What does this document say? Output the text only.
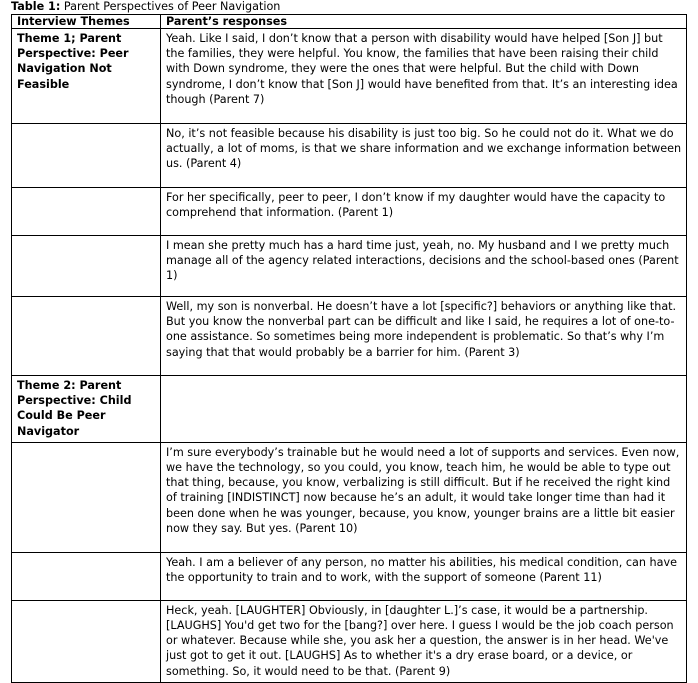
Table 1: Parent Perspectives of Peer Navigation
Interview Themes	Parent’s responses
Theme 1; Parent Perspective: Peer Navigation Not Feasible	Yeah. Like I said, I don’t know that a person with disability would have helped [Son J] but the families, they were helpful. You know, the families that have been raising their child with Down syndrome, they were the ones that were helpful. But the child with Down syndrome, I don’t know that [Son J] would have benefited from that. It’s an interesting idea though (Parent 7)
	No, it’s not feasible because his disability is just too big. So he could not do it. What we do actually, a lot of moms, is that we share information and we exchange information between us. (Parent 4)
	For her specifically, peer to peer, I don’t know if my daughter would have the capacity to comprehend that information. (Parent 1)
	I mean she pretty much has a hard time just, yeah, no. My husband and I we pretty much manage all of the agency related interactions, decisions and the school-based ones (Parent 1)
	Well, my son is nonverbal. He doesn’t have a lot [specific?] behaviors or anything like that. But you know the nonverbal part can be difficult and like I said, he requires a lot of one-to-one assistance. So sometimes being more independent is problematic. So that’s why I’m saying that that would probably be a barrier for him. (Parent 3)
Theme 2: Parent Perspective: Child Could Be Peer Navigator	
	I’m sure everybody’s trainable but he would need a lot of supports and services. Even now, we have the technology, so you could, you know, teach him, he would be able to type out that thing, because, you know, verbalizing is still difficult. But if he received the right kind of training [INDISTINCT] now because he’s an adult, it would take longer time than had it been done when he was younger, because, you know, younger brains are a little bit easier now they say. But yes. (Parent 10)
	Yeah. I am a believer of any person, no matter his abilities, his medical condition, can have the opportunity to train and to work, with the support of someone (Parent 11)
	Heck, yeah. [LAUGHTER] Obviously, in [daughter L.]’s case, it would be a partnership. [LAUGHS] You'd get two for the [bang?] over here. I guess I would be the job coach person or whatever. Because while she, you ask her a question, the answer is in her head. We've just got to get it out. [LAUGHS] As to whether it's a dry erase board, or a device, or something. So, it would need to be that. (Parent 9)
